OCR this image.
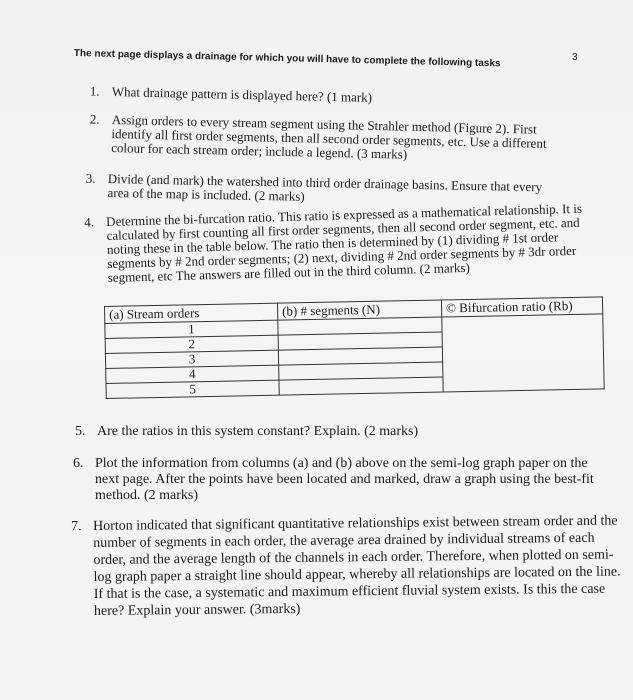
3
The next page displays a drainage for which you will have to complete the following tasks
1. What drainage pattern is displayed here? (1 mark)
2. Assign orders to every stream segment using the Strahler method (Figure 2). First identify all first order segments, then all second order segments, etc. Use a different colour for each stream order; include a legend. (3 marks)
3. Divide (and mark) the watershed into third order drainage basins. Ensure that every area of the map is included. (2 marks)
4. Determine the bi-furcation ratio. This ratio is expressed as a mathematical relationship. It is calculated by first counting all first order segments, then all second order segment, etc. and noting these in the table below. The ratio then is determined by (1) dividing # 1st order segments by # 2nd order segments; (2) next, dividing # 2nd order segments by # 3dr order segment, etc The answers are filled out in the third column. (2 marks)
(a) Stream orders	(b) # segments (N)	© Bifurcation ratio (Rb)
1		
2		
3		
4		
5		
5. Are the ratios in this system constant? Explain. (2 marks)
6. Plot the information from columns (a) and (b) above on the semi-log graph paper on the next page. After the points have been located and marked, draw a graph using the best-fit method. (2 marks)
7. Horton indicated that significant quantitative relationships exist between stream order and the number of segments in each order, the average area drained by individual streams of each order, and the average length of the channels in each order. Therefore, when plotted on semi-log graph paper a straight line should appear, whereby all relationships are located on the line. If that is the case, a systematic and maximum efficient fluvial system exists. Is this the case here? Explain your answer. (3marks)
